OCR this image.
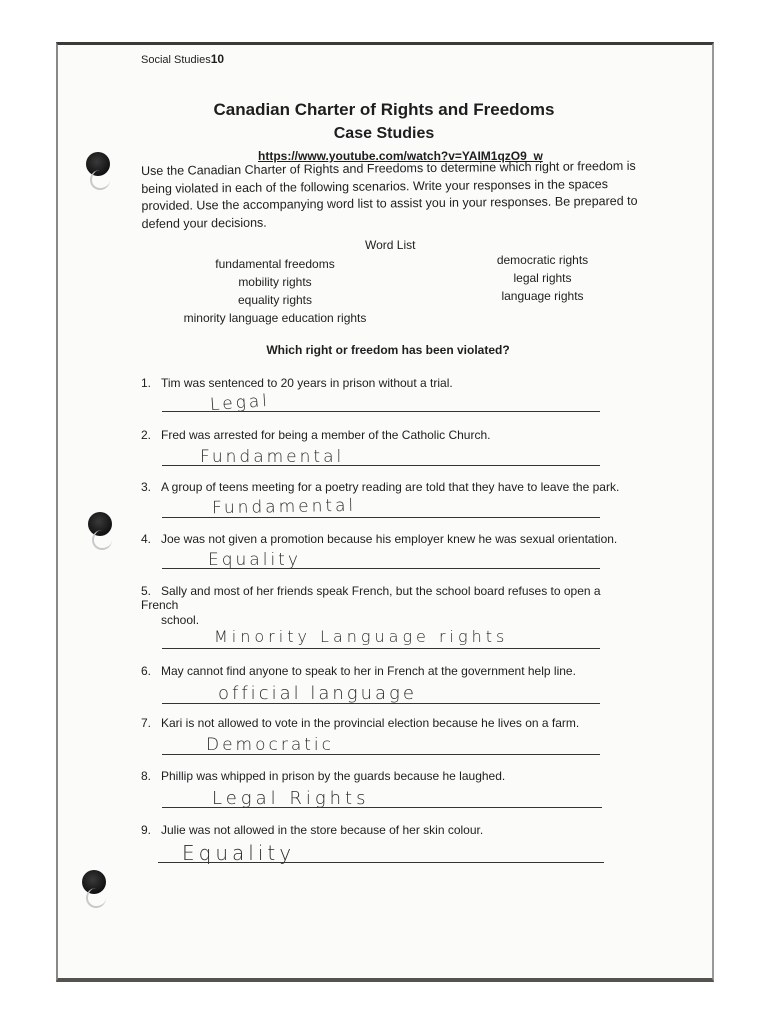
Social Studies10
Canadian Charter of Rights and Freedoms
Case Studies
https://www.youtube.com/watch?v=YAIM1qzO9_w
Use the Canadian Charter of Rights and Freedoms to determine which right or freedom is being violated in each of the following scenarios. Write your responses in the spaces provided. Use the accompanying word list to assist you in your responses. Be prepared to defend your decisions.
Word List
fundamental freedoms
mobility rights
equality rights
minority language education rights
democratic rights
legal rights
language rights
Which right or freedom has been violated?
1. Tim was sentenced to 20 years in prison without a trial.
Legal
2. Fred was arrested for being a member of the Catholic Church.
Fundamental
3. A group of teens meeting for a poetry reading are told that they have to leave the park.
Fundamental
4. Joe was not given a promotion because his employer knew he was sexual orientation.
Equality
5. Sally and most of her friends speak French, but the school board refuses to open a French
school.
Minority Language rights
6. May cannot find anyone to speak to her in French at the government help line.
official language
7. Kari is not allowed to vote in the provincial election because he lives on a farm.
Democratic
8. Phillip was whipped in prison by the guards because he laughed.
Legal Rights
9. Julie was not allowed in the store because of her skin colour.
Equality
